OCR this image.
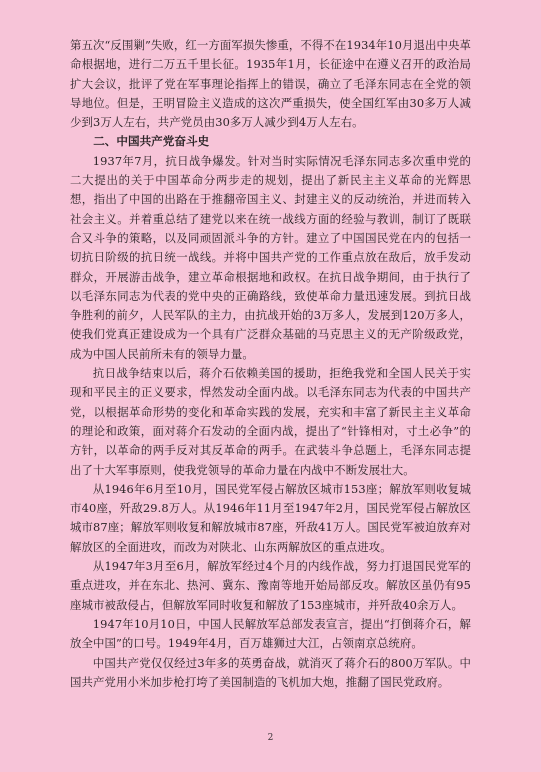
第五次“反围剿”失败，红一方面军损失惨重，不得不在1934年10月退出中央革命根据地，进行二万五千里长征。1935年1月，长征途中在遵义召开的政治局扩大会议，批评了党在军事理论指挥上的错误，确立了毛泽东同志在全党的领导地位。但是，王明冒险主义造成的这次严重损失，使全国红军由30多万人减少到3万人左右，共产党员由30多万人减少到4万人左右。

二、中国共产党奋斗史

1937年7月，抗日战争爆发。针对当时实际情况毛泽东同志多次重申党的二大提出的关于中国革命分两步走的规划，提出了新民主主义革命的光辉思想，指出了中国的出路在于推翻帝国主义、封建主义的反动统治，并进而转入社会主义。并着重总结了建党以来在统一战线方面的经验与教训，制订了既联合又斗争的策略，以及同顽固派斗争的方针。建立了中国国民党在内的包括一切抗日阶级的抗日统一战线。并将中国共产党的工作重点放在敌后，放手发动群众，开展游击战争，建立革命根据地和政权。在抗日战争期间，由于执行了以毛泽东同志为代表的党中央的正确路线，致使革命力量迅速发展。到抗日战争胜利的前夕，人民军队的主力，由抗战开始的3万多人，发展到120万多人，使我们党真正建设成为一个具有广泛群众基础的马克思主义的无产阶级政党，成为中国人民前所未有的领导力量。

抗日战争结束以后，蒋介石依赖美国的援助，拒绝我党和全国人民关于实现和平民主的正义要求，悍然发动全面内战。以毛泽东同志为代表的中国共产党，以根据革命形势的变化和革命实践的发展，充实和丰富了新民主主义革命的理论和政策，面对蒋介石发动的全面内战，提出了“针锋相对，寸土必争”的方针，以革命的两手反对其反革命的两手。在武装斗争总题上，毛泽东同志提出了十大军事原则，使我党领导的革命力量在内战中不断发展壮大。

从1946年6月至10月，国民党军侵占解放区城市153座；解放军则收复城市40座，歼敌29.8万人。从1946年11月至1947年2月，国民党军侵占解放区城市87座；解放军则收复和解放城市87座，歼敌41万人。国民党军被迫放弃对解放区的全面进攻，而改为对陕北、山东两解放区的重点进攻。

从1947年3月至6月，解放军经过4个月的内线作战，努力打退国民党军的重点进攻，并在东北、热河、冀东、豫南等地开始局部反攻。解放区虽仍有95座城市被敌侵占，但解放军同时收复和解放了153座城市，并歼敌40余万人。

1947年10月10日，中国人民解放军总部发表宣言，提出“打倒蒋介石，解放全中国”的口号。1949年4月，百万雄狮过大江，占领南京总统府。

中国共产党仅仅经过3年多的英勇奋战，就消灭了蒋介石的800万军队。中国共产党用小米加步枪打垮了美国制造的飞机加大炮，推翻了国民党政府。

2
